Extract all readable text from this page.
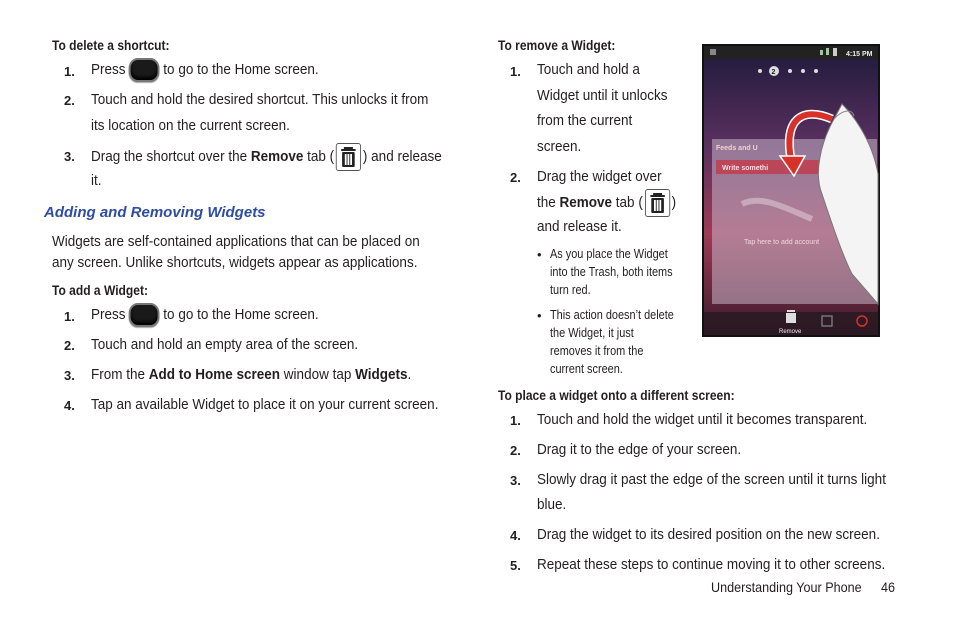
To delete a shortcut:
1. Press	to go to the Home screen.
2. Touch and hold the desired shortcut. This unlocks it from
its location on the current screen.
3. Drag the shortcut over the Remove tab ( ) and release
it.
Adding and Removing Widgets
Widgets are self-contained applications that can be placed on
any screen. Unlike shortcuts, widgets appear as applications.
To add a Widget:
1. Press	to go to the Home screen.
2. Touch and hold an empty area of the screen.
3. From the Add to Home screen window tap Widgets.
4. Tap an available Widget to place it on your current screen.
To remove a Widget:
1. Touch and hold a
Widget until it unlocks
from the current
screen.
2. Drag the widget over
the Remove tab ( )
and release it.
• As you place the Widget
into the Trash, both items
turn red.
• This action doesn’t delete
the Widget, it just
removes it from the
current screen.
To place a widget onto a different screen:
1. Touch and hold the widget until it becomes transparent.
2. Drag it to the edge of your screen.
3. Slowly drag it past the edge of the screen until it turns light
blue.
4. Drag the widget to its desired position on the new screen.
5. Repeat these steps to continue moving it to other screens.
4:15 PM
2
Feeds and U
Write somethi
Tap here to add account
Remove
Understanding Your Phone 46
